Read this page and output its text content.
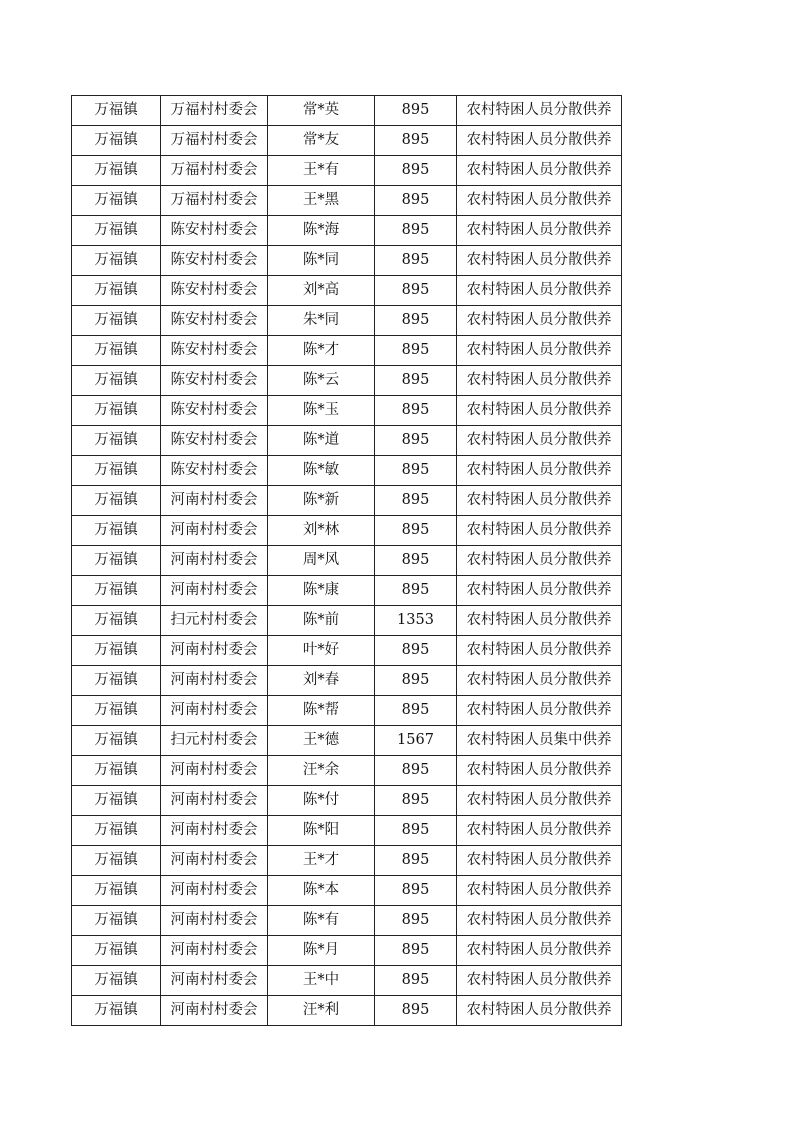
万福镇	万福村村委会	常*英	895	农村特困人员分散供养
万福镇	万福村村委会	常*友	895	农村特困人员分散供养
万福镇	万福村村委会	王*有	895	农村特困人员分散供养
万福镇	万福村村委会	王*黑	895	农村特困人员分散供养
万福镇	陈安村村委会	陈*海	895	农村特困人员分散供养
万福镇	陈安村村委会	陈*同	895	农村特困人员分散供养
万福镇	陈安村村委会	刘*高	895	农村特困人员分散供养
万福镇	陈安村村委会	朱*同	895	农村特困人员分散供养
万福镇	陈安村村委会	陈*才	895	农村特困人员分散供养
万福镇	陈安村村委会	陈*云	895	农村特困人员分散供养
万福镇	陈安村村委会	陈*玉	895	农村特困人员分散供养
万福镇	陈安村村委会	陈*道	895	农村特困人员分散供养
万福镇	陈安村村委会	陈*敏	895	农村特困人员分散供养
万福镇	河南村村委会	陈*新	895	农村特困人员分散供养
万福镇	河南村村委会	刘*林	895	农村特困人员分散供养
万福镇	河南村村委会	周*风	895	农村特困人员分散供养
万福镇	河南村村委会	陈*康	895	农村特困人员分散供养
万福镇	扫元村村委会	陈*前	1353	农村特困人员分散供养
万福镇	河南村村委会	叶*好	895	农村特困人员分散供养
万福镇	河南村村委会	刘*春	895	农村特困人员分散供养
万福镇	河南村村委会	陈*帮	895	农村特困人员分散供养
万福镇	扫元村村委会	王*德	1567	农村特困人员集中供养
万福镇	河南村村委会	汪*余	895	农村特困人员分散供养
万福镇	河南村村委会	陈*付	895	农村特困人员分散供养
万福镇	河南村村委会	陈*阳	895	农村特困人员分散供养
万福镇	河南村村委会	王*才	895	农村特困人员分散供养
万福镇	河南村村委会	陈*本	895	农村特困人员分散供养
万福镇	河南村村委会	陈*有	895	农村特困人员分散供养
万福镇	河南村村委会	陈*月	895	农村特困人员分散供养
万福镇	河南村村委会	王*中	895	农村特困人员分散供养
万福镇	河南村村委会	汪*利	895	农村特困人员分散供养
